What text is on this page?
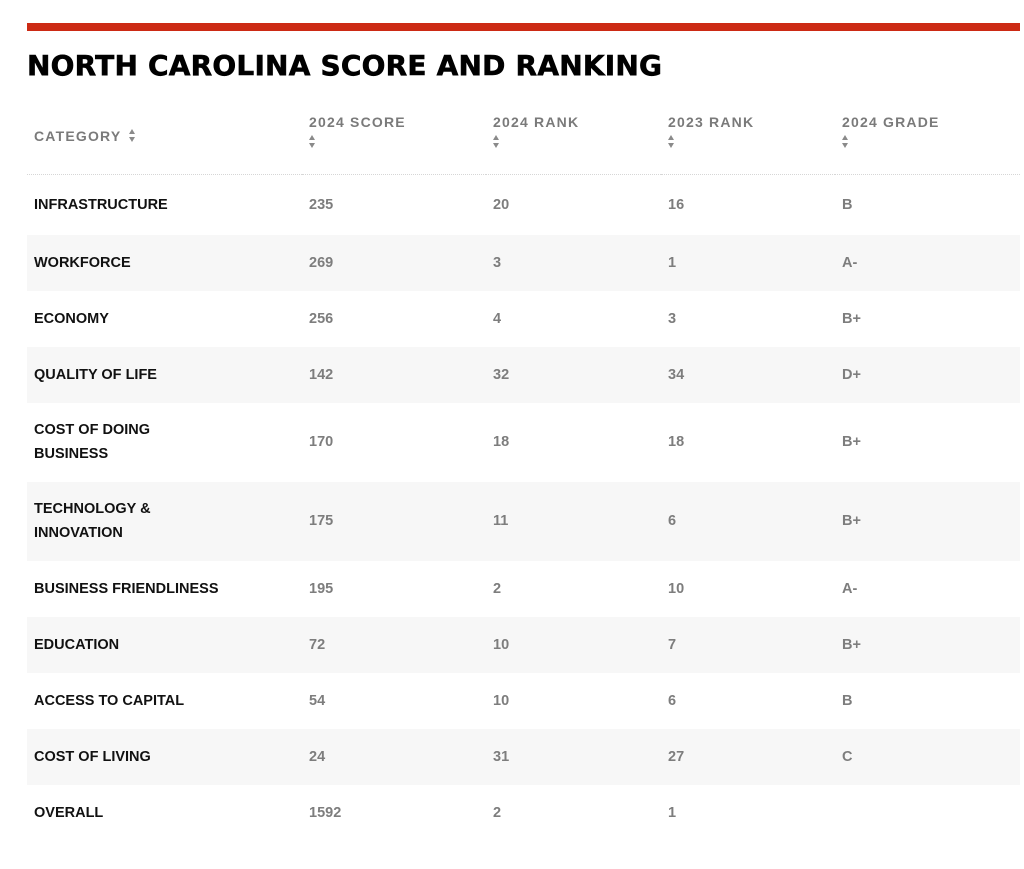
NORTH CAROLINA SCORE AND RANKING
CATEGORY	2024 SCORE	2024 RANK	2023 RANK	2024 GRADE

INFRASTRUCTURE	235	20	16	B
WORKFORCE	269	3	1	A-
ECONOMY	256	4	3	B+
QUALITY OF LIFE	142	32	34	D+
COST OF DOING BUSINESS	170	18	18	B+
TECHNOLOGY & INNOVATION	175	11	6	B+
BUSINESS FRIENDLINESS	195	2	10	A-
EDUCATION	72	10	7	B+
ACCESS TO CAPITAL	54	10	6	B
COST OF LIVING	24	31	27	C
OVERALL	1592	2	1	
